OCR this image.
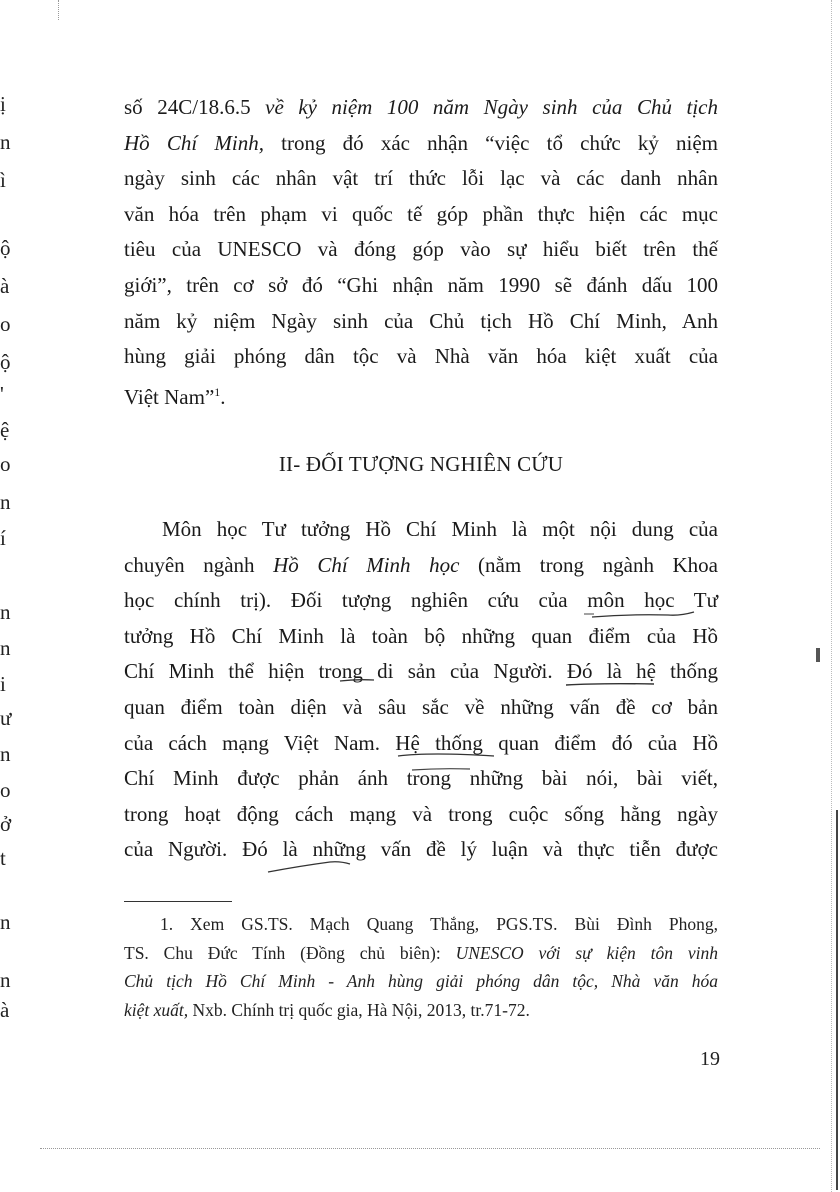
ị
n
ì
ộ
à
o
ộ
'
ệ
o
n
í
n
n
i
ư
n
o
ở
t
n
n
à
số 24C/18.6.5 về kỷ niệm 100 năm Ngày sinh của Chủ tịch
Hồ Chí Minh, trong đó xác nhận “việc tổ chức kỷ niệm
ngày sinh các nhân vật trí thức lỗi lạc và các danh nhân
văn hóa trên phạm vi quốc tế góp phần thực hiện các mục
tiêu của UNESCO và đóng góp vào sự hiểu biết trên thế
giới”, trên cơ sở đó “Ghi nhận năm 1990 sẽ đánh dấu 100
năm kỷ niệm Ngày sinh của Chủ tịch Hồ Chí Minh, Anh
hùng giải phóng dân tộc và Nhà văn hóa kiệt xuất của
Việt Nam”$^1$.
II- ĐỐI TƯỢNG NGHIÊN CỨU
Môn học Tư tưởng Hồ Chí Minh là một nội dung của
chuyên ngành Hồ Chí Minh học (nằm trong ngành Khoa
học chính trị). Đối tượng nghiên cứu của môn học Tư
tưởng Hồ Chí Minh là toàn bộ những quan điểm của Hồ
Chí Minh thể hiện trong di sản của Người. Đó là hệ thống
quan điểm toàn diện và sâu sắc về những vấn đề cơ bản
của cách mạng Việt Nam. Hệ thống quan điểm đó của Hồ
Chí Minh được phản ánh trong những bài nói, bài viết,
trong hoạt động cách mạng và trong cuộc sống hằng ngày
của Người. Đó là những vấn đề lý luận và thực tiễn được
1. Xem GS.TS. Mạch Quang Thắng, PGS.TS. Bùi Đình Phong,
TS. Chu Đức Tính (Đồng chủ biên): UNESCO với sự kiện tôn vinh
Chủ tịch Hồ Chí Minh - Anh hùng giải phóng dân tộc, Nhà văn hóa
kiệt xuất, Nxb. Chính trị quốc gia, Hà Nội, 2013, tr.71-72.
19
